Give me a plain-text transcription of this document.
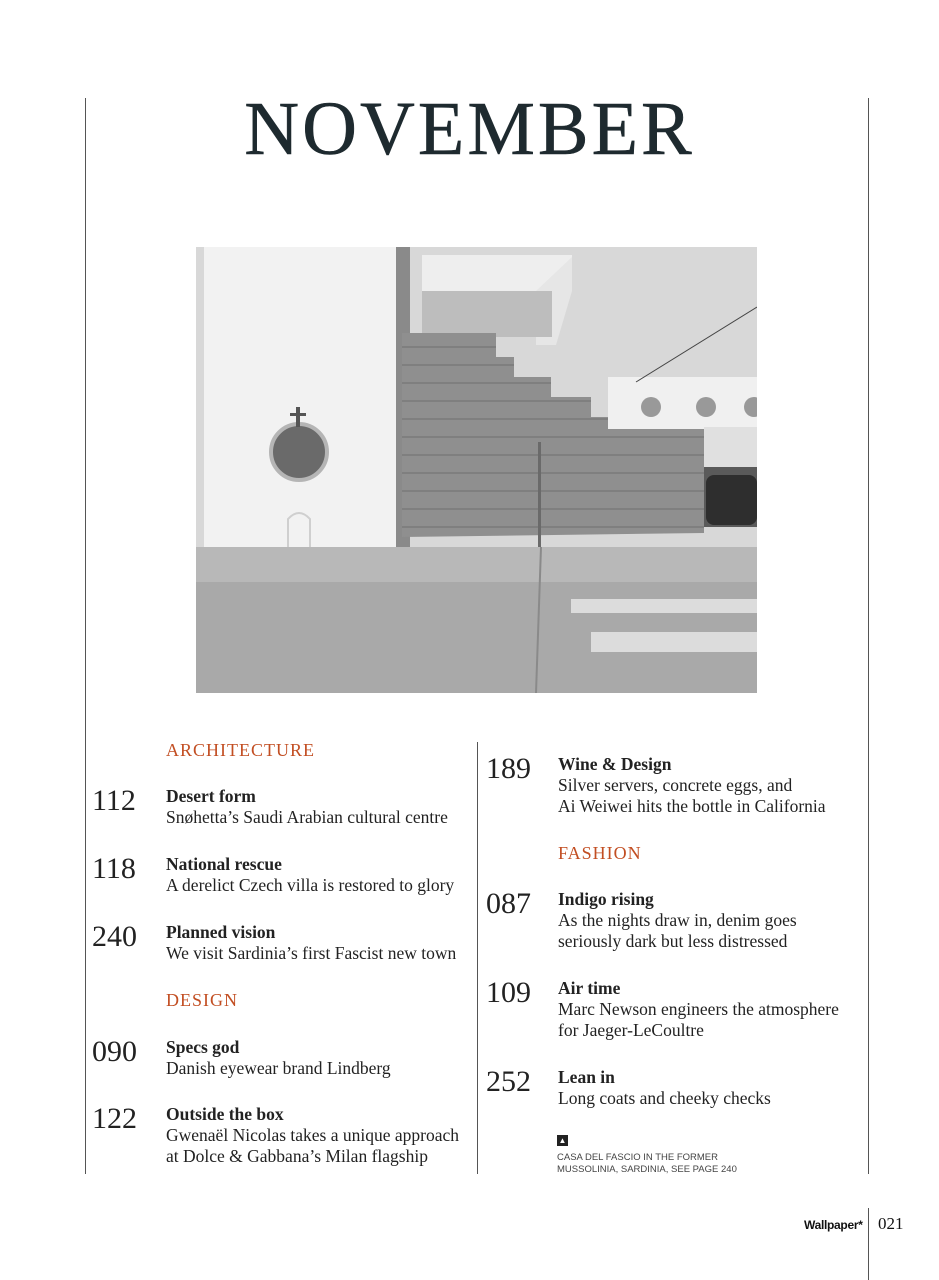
NOVEMBER
ARCHITECTURE
112 Desert form
Snøhetta’s Saudi Arabian cultural centre
118 National rescue
A derelict Czech villa is restored to glory
240 Planned vision
We visit Sardinia’s first Fascist new town
DESIGN
090 Specs god
Danish eyewear brand Lindberg
122 Outside the box
Gwenaël Nicolas takes a unique approach
at Dolce & Gabbana’s Milan flagship
189 Wine & Design
Silver servers, concrete eggs, and
Ai Weiwei hits the bottle in California
FASHION
087 Indigo rising
As the nights draw in, denim goes
seriously dark but less distressed
109 Air time
Marc Newson engineers the atmosphere
for Jaeger-LeCoultre
252 Lean in
Long coats and cheeky checks
▲
CASA DEL FASCIO IN THE FORMER
MUSSOLINIA, SARDINIA, SEE PAGE 240
Wallpaper* 021
